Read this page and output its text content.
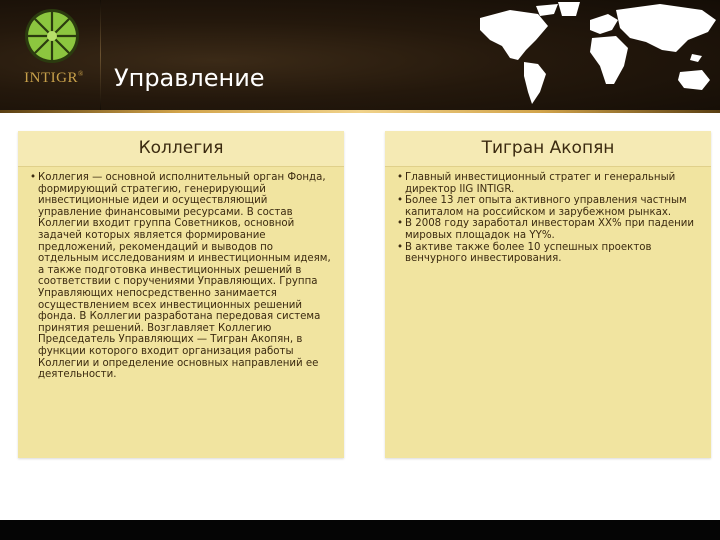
INTIGR® Управление
Коллегия

• Коллегия — основной исполнительный орган Фонда, формирующий стратегию, генерирующий инвестиционные идеи и осуществляющий управление финансовыми ресурсами. В состав Коллегии входит группа Советников, основной задачей которых является формирование предложений, рекомендаций и выводов по отдельным исследованиям и инвестиционным идеям, а также подготовка инвестиционных решений в соответствии с поручениями Управляющих. Группа Управляющих непосредственно занимается осуществлением всех инвестиционных решений фонда. В Коллегии разработана передовая система принятия решений. Возглавляет Коллегию Председатель Управляющих — Тигран Акопян, в функции которого входит организация работы Коллегии и определение основных направлений ее деятельности.

Тигран Акопян

• Главный инвестиционный стратег и генеральный директор IIG INTIGR.

• Более 13 лет опыта активного управления частным капиталом на российском и зарубежном рынках.

• В 2008 году заработал инвесторам ХХ% при падении мировых площадок на YY%.

• В активе также более 10 успешных проектов венчурного инвестирования.
